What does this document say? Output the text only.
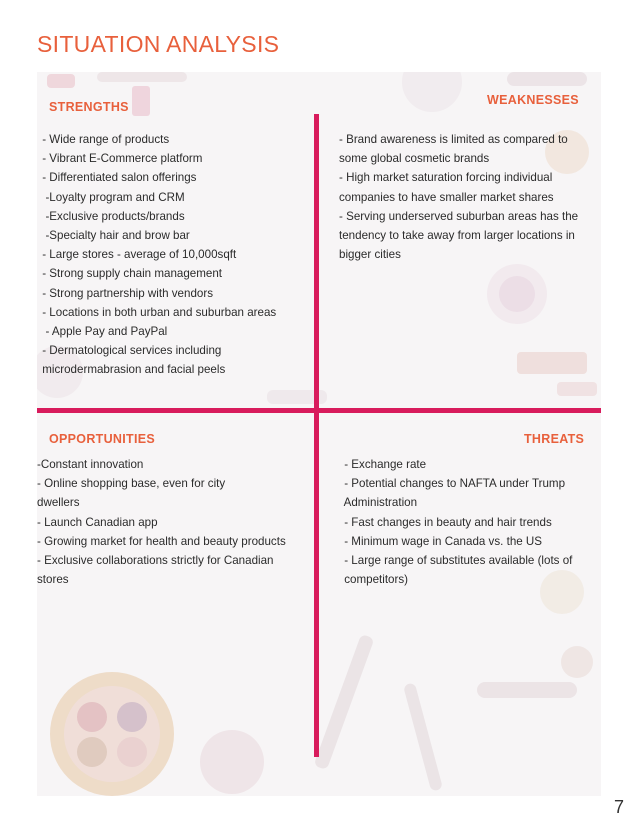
SITUATION ANALYSIS
STRENGTHS	WEAKNESSES
OPPORTUNITIES	THREATS
- Wide range of products
- Vibrant E-Commerce platform
- Differentiated salon offerings
-Loyalty program and CRM
-Exclusive products/brands
-Specialty hair and brow bar
- Large stores - average of 10,000sqft
- Strong supply chain management
- Strong partnership with vendors
- Locations in both urban and suburban areas
- Apple Pay and PayPal
- Dermatological services including
microdermabrasion and facial peels
- Brand awareness is limited as compared to
some global cosmetic brands
- High market saturation forcing individual
companies to have smaller market shares
- Serving underserved suburban areas has the
tendency to take away from larger locations in
bigger cities
-Constant innovation
- Online shopping base, even for city
dwellers
- Launch Canadian app
- Growing market for health and beauty products
- Exclusive collaborations strictly for Canadian
stores
- Exchange rate
- Potential changes to NAFTA under Trump
Administration
- Fast changes in beauty and hair trends
- Minimum wage in Canada vs. the US
- Large range of substitutes available (lots of
competitors)
7
